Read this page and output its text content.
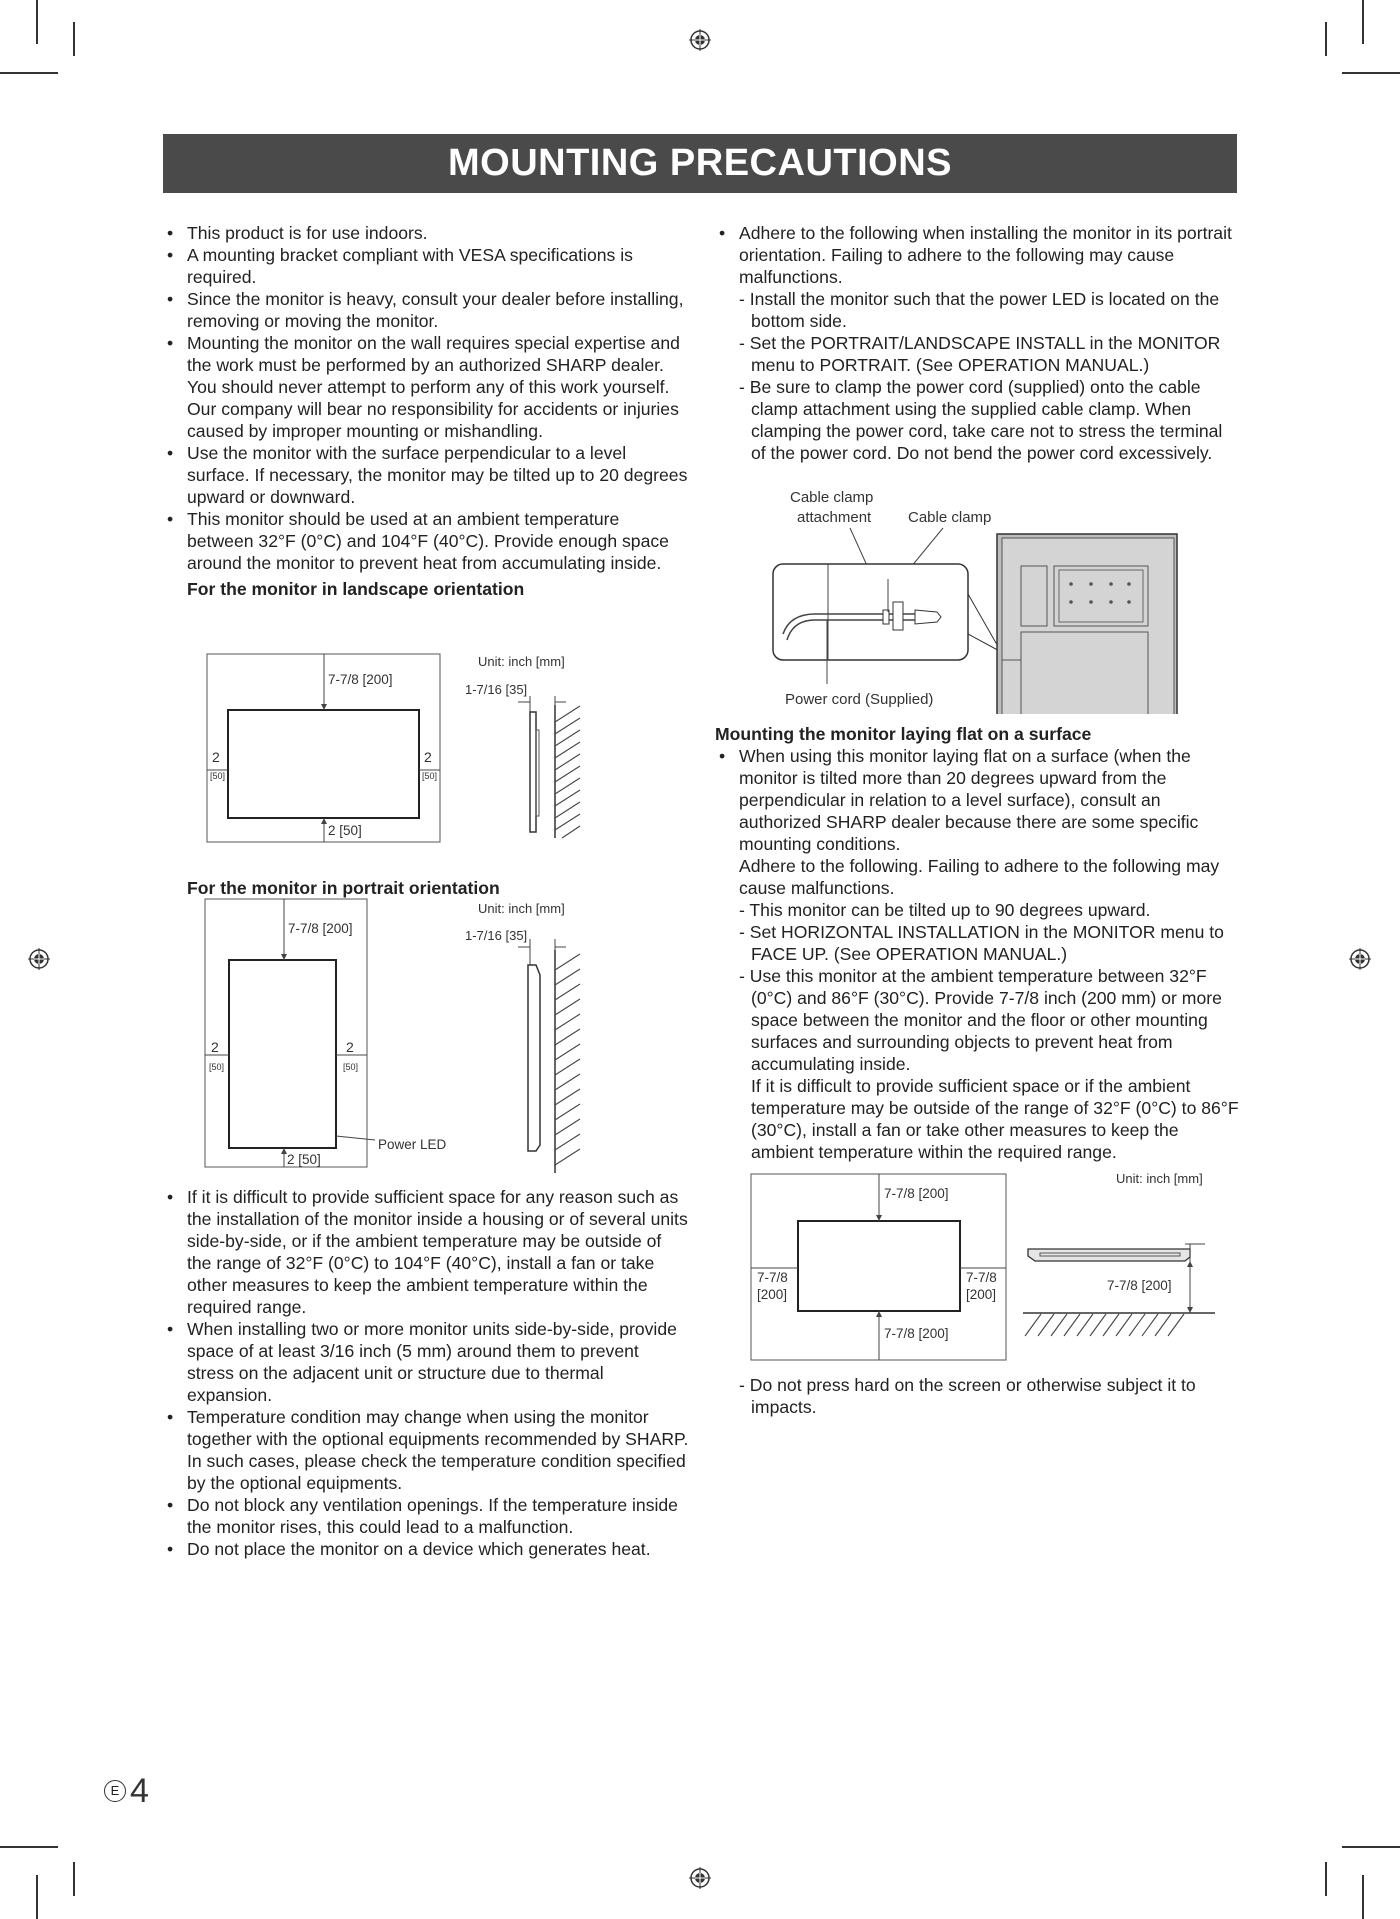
MOUNTING PRECAUTIONS
• This product is for use indoors.
• A mounting bracket compliant with VESA specifications is required.
• Since the monitor is heavy, consult your dealer before installing, removing or moving the monitor.
• Mounting the monitor on the wall requires special expertise and the work must be performed by an authorized SHARP dealer. You should never attempt to perform any of this work yourself. Our company will bear no responsibility for accidents or injuries caused by improper mounting or mishandling.
• Use the monitor with the surface perpendicular to a level surface. If necessary, the monitor may be tilted up to 20 degrees upward or downward.
• This monitor should be used at an ambient temperature between 32°F (0°C) and 104°F (40°C). Provide enough space around the monitor to prevent heat from accumulating inside.
For the monitor in landscape orientation
7-7/8 [200]
2
[50]
2
[50]
2 [50]
Unit: inch [mm]
1-7/16 [35]
For the monitor in portrait orientation
7-7/8 [200]
2
[50]
2
[50]
2 [50]
Power LED
Unit: inch [mm]
1-7/16 [35]
• If it is difficult to provide sufficient space for any reason such as the installation of the monitor inside a housing or of several units side-by-side, or if the ambient temperature may be outside of the range of 32°F (0°C) to 104°F (40°C), install a fan or take other measures to keep the ambient temperature within the required range.
• When installing two or more monitor units side-by-side, provide space of at least 3/16 inch (5 mm) around them to prevent stress on the adjacent unit or structure due to thermal expansion.
• Temperature condition may change when using the monitor together with the optional equipments recommended by SHARP. In such cases, please check the temperature condition specified by the optional equipments.
• Do not block any ventilation openings. If the temperature inside the monitor rises, this could lead to a malfunction.
• Do not place the monitor on a device which generates heat.
• Adhere to the following when installing the monitor in its portrait orientation. Failing to adhere to the following may cause malfunctions.
- Install the monitor such that the power LED is located on the bottom side.
- Set the PORTRAIT/LANDSCAPE INSTALL in the MONITOR menu to PORTRAIT. (See OPERATION MANUAL.)
- Be sure to clamp the power cord (supplied) onto the cable clamp attachment using the supplied cable clamp. When clamping the power cord, take care not to stress the terminal of the power cord. Do not bend the power cord excessively.
Cable clamp
attachment Cable clamp
Power cord (Supplied)
Mounting the monitor laying flat on a surface
• When using this monitor laying flat on a surface (when the monitor is tilted more than 20 degrees upward from the perpendicular in relation to a level surface), consult an authorized SHARP dealer because there are some specific mounting conditions.
Adhere to the following. Failing to adhere to the following may cause malfunctions.
- This monitor can be tilted up to 90 degrees upward.
- Set HORIZONTAL INSTALLATION in the MONITOR menu to FACE UP. (See OPERATION MANUAL.)
- Use this monitor at the ambient temperature between 32°F (0°C) and 86°F (30°C). Provide 7-7/8 inch (200 mm) or more space between the monitor and the floor or other mounting surfaces and surrounding objects to prevent heat from accumulating inside.
If it is difficult to provide sufficient space or if the ambient temperature may be outside of the range of 32°F (0°C) to 86°F (30°C), install a fan or take other measures to keep the ambient temperature within the required range.
7-7/8 [200]
7-7/8
[200]
7-7/8
[200]
7-7/8 [200]
Unit: inch [mm]
7-7/8 [200]
- Do not press hard on the screen or otherwise subject it to impacts.
E 4
